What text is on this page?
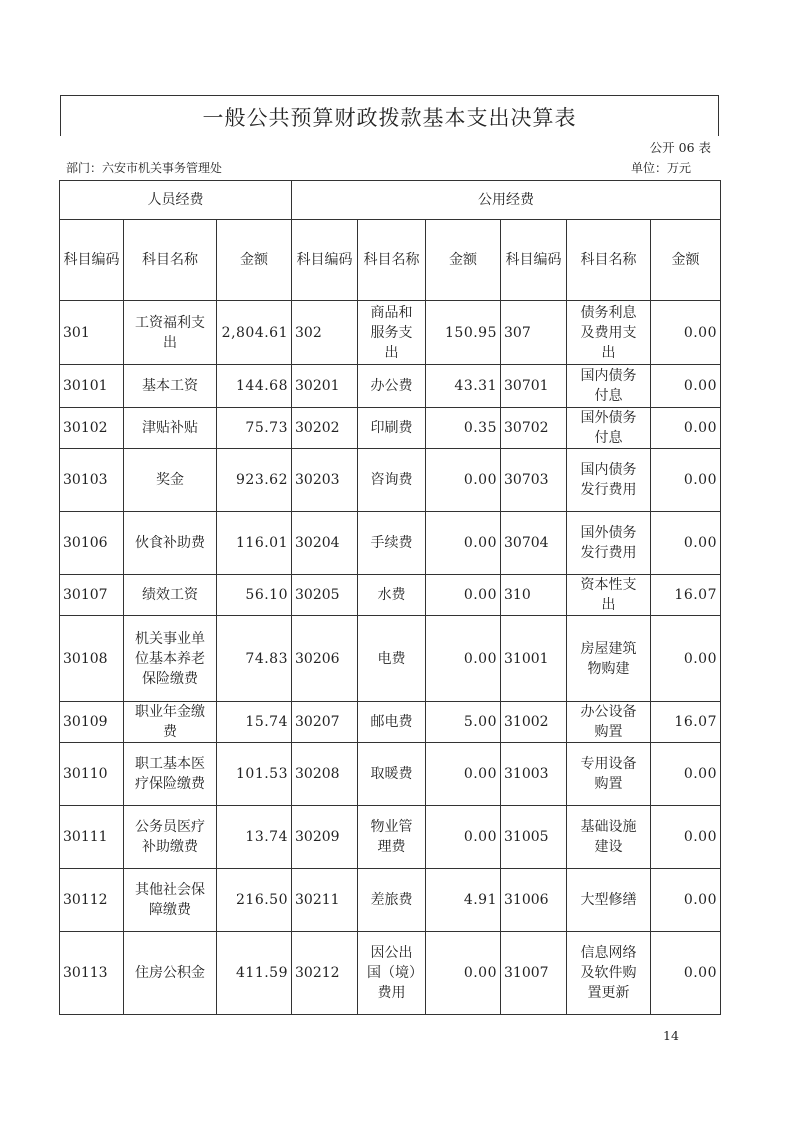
一般公共预算财政拨款基本支出决算表
公开 06 表
部门：六安市机关事务管理处	单位：万元
人员经费			公用经费					
科目编码	科目名称	金额	科目编码	科目名称	金额	科目编码	科目名称	金额
301	工资福利支出	2,804.61	302	商品和服务支出	150.95	307	债务利息及费用支出	0.00
30101	基本工资	144.68	30201	办公费	43.31	30701	国内债务付息	0.00
30102	津贴补贴	75.73	30202	印刷费	0.35	30702	国外债务付息	0.00
30103	奖金	923.62	30203	咨询费	0.00	30703	国内债务发行费用	0.00
30106	伙食补助费	116.01	30204	手续费	0.00	30704	国外债务发行费用	0.00
30107	绩效工资	56.10	30205	水费	0.00	310	资本性支出	16.07
30108	机关事业单位基本养老保险缴费	74.83	30206	电费	0.00	31001	房屋建筑物购建	0.00
30109	职业年金缴费	15.74	30207	邮电费	5.00	31002	办公设备购置	16.07
30110	职工基本医疗保险缴费	101.53	30208	取暖费	0.00	31003	专用设备购置	0.00
30111	公务员医疗补助缴费	13.74	30209	物业管理费	0.00	31005	基础设施建设	0.00
30112	其他社会保障缴费	216.50	30211	差旅费	4.91	31006	大型修缮	0.00
30113	住房公积金	411.59	30212	因公出国（境）费用	0.00	31007	信息网络及软件购置更新	0.00
14
